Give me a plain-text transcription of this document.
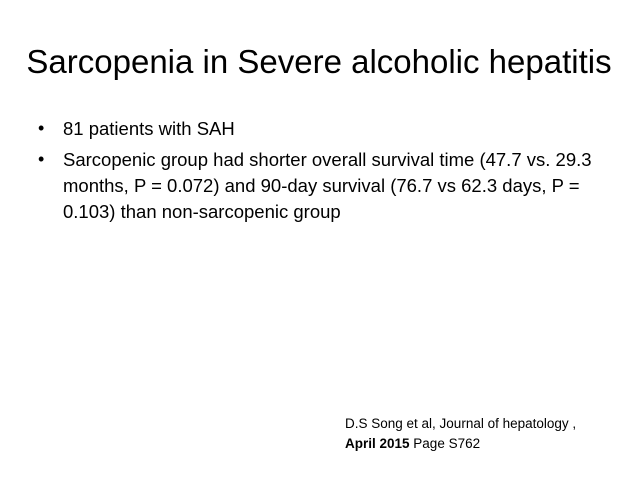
Sarcopenia in Severe alcoholic hepatitis
• 81 patients with SAH
• Sarcopenic group had shorter overall survival time (47.7 vs. 29.3 months, P = 0.072) and 90-day survival (76.7 vs 62.3 days, P = 0.103) than non-sarcopenic group
D.S Song et al, Journal of hepatology ,
April 2015 Page S762
